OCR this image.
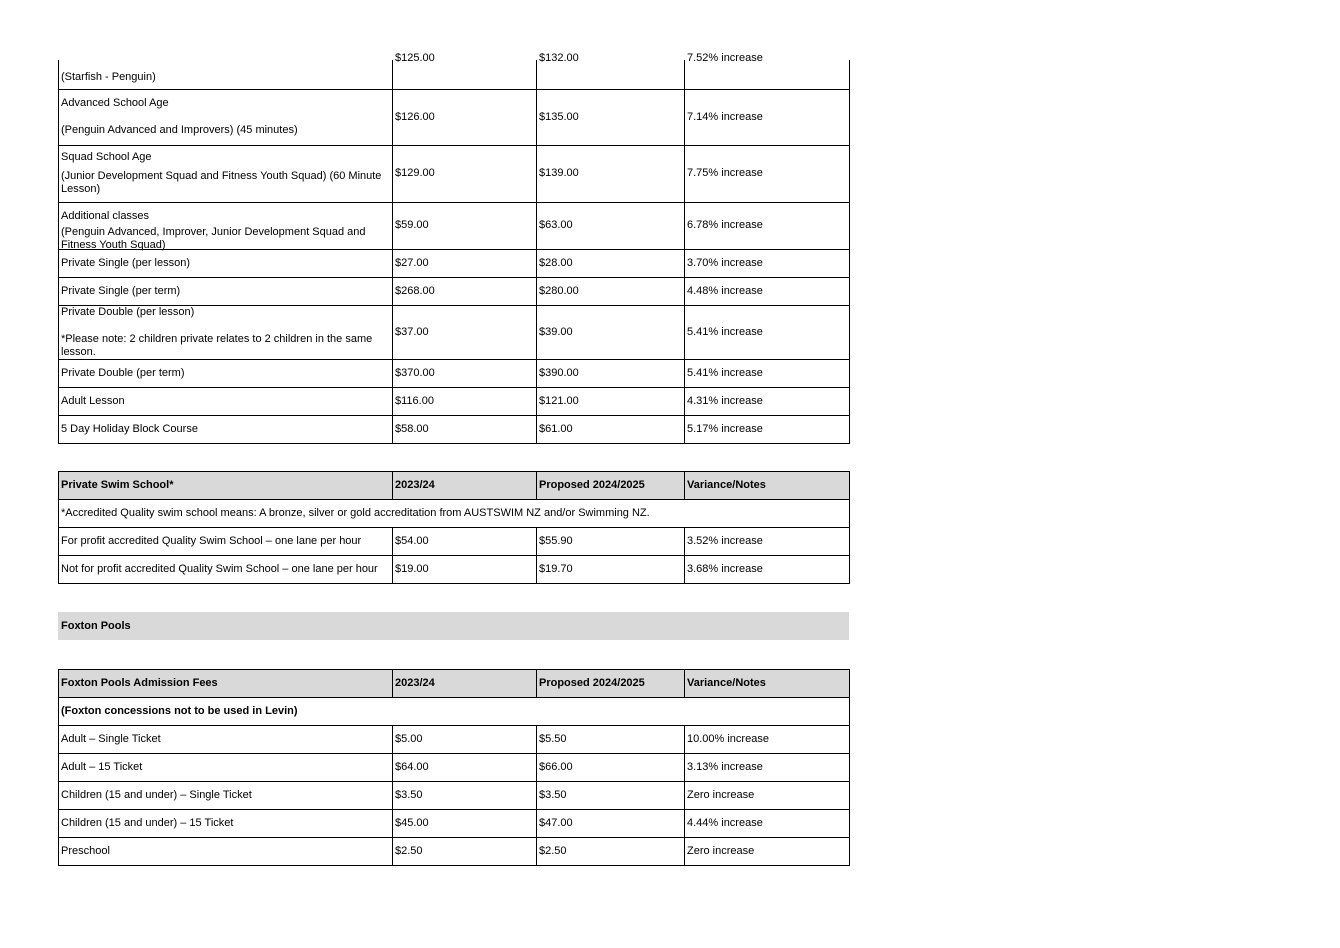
(Starfish - Penguin)	$125.00	$132.00	7.52% increase

Advanced School Age
(Penguin Advanced and Improvers) (45 minutes)	$126.00	$135.00	7.14% increase

Squad School Age
(Junior Development Squad and Fitness Youth Squad) (60 Minute Lesson)	$129.00	$139.00	7.75% increase

Additional classes
(Penguin Advanced, Improver, Junior Development Squad and Fitness Youth Squad)	$59.00	$63.00	6.78% increase
Private Single (per lesson)	$27.00	$28.00	3.70% increase
Private Single (per term)	$268.00	$280.00	4.48% increase

Private Double (per lesson)
*Please note: 2 children private relates to 2 children in the same lesson.	$37.00	$39.00	5.41% increase
Private Double (per term)	$370.00	$390.00	5.41% increase
Adult Lesson	$116.00	$121.00	4.31% increase
5 Day Holiday Block Course	$58.00	$61.00	5.17% increase
Private Swim School*	2023/24	Proposed 2024/2025	Variance/Notes
*Accredited Quality swim school means: A bronze, silver or gold accreditation from AUSTSWIM NZ and/or Swimming NZ.			
For profit accredited Quality Swim School – one lane per hour	$54.00	$55.90	3.52% increase
Not for profit accredited Quality Swim School – one lane per hour	$19.00	$19.70	3.68% increase
Foxton Pools
Foxton Pools Admission Fees	2023/24	Proposed 2024/2025	Variance/Notes
(Foxton concessions not to be used in Levin)			
Adult – Single Ticket	$5.00	$5.50	10.00% increase
Adult – 15 Ticket	$64.00	$66.00	3.13% increase
Children (15 and under) – Single Ticket	$3.50	$3.50	Zero increase
Children (15 and under) – 15 Ticket	$45.00	$47.00	4.44% increase
Preschool	$2.50	$2.50	Zero increase
